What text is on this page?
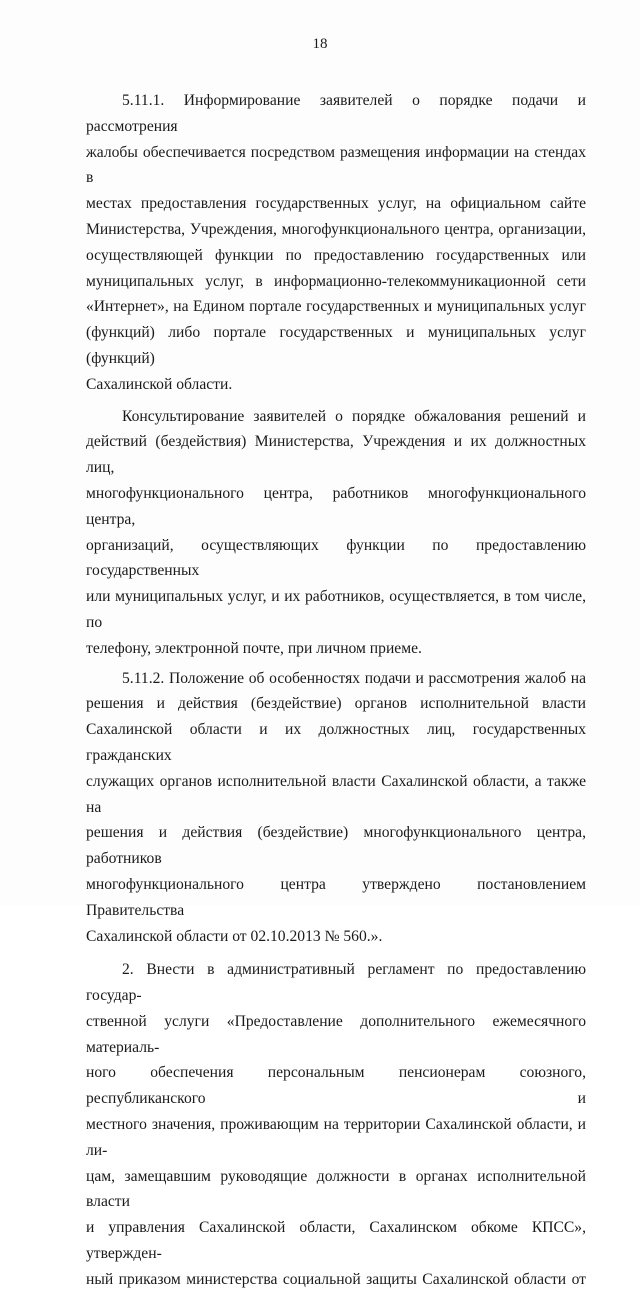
18

5.11.1. Информирование заявителей о порядке подачи и рассмотрения
жалобы обеспечивается посредством размещения информации на стендах в
местах предоставления государственных услуг, на официальном сайте
Министерства, Учреждения, многофункционального центра, организации,
осуществляющей функции по предоставлению государственных или
муниципальных услуг, в информационно-телекоммуникационной сети
«Интернет», на Едином портале государственных и муниципальных услуг
(функций) либо портале государственных и муниципальных услуг (функций)
Сахалинской области.

Консультирование заявителей о порядке обжалования решений и
действий (бездействия) Министерства, Учреждения и их должностных лиц,
многофункционального центра, работников многофункционального центра,
организаций, осуществляющих функции по предоставлению государственных
или муниципальных услуг, и их работников, осуществляется, в том числе, по
телефону, электронной почте, при личном приеме.

5.11.2. Положение об особенностях подачи и рассмотрения жалоб на
решения и действия (бездействие) органов исполнительной власти
Сахалинской области и их должностных лиц, государственных гражданских
служащих органов исполнительной власти Сахалинской области, а также на
решения и действия (бездействие) многофункционального центра, работников
многофункционального центра утверждено постановлением Правительства
Сахалинской области от 02.10.2013 № 560.».

2. Внести в административный регламент по предоставлению государ-
ственной услуги «Предоставление дополнительного ежемесячного материаль-
ного обеспечения персональным пенсионерам союзного, республиканского и
местного значения, проживающим на территории Сахалинской области, и ли-
цам, замещавшим руководящие должности в органах исполнительной власти
и управления Сахалинской области, Сахалинском обкоме КПСС», утвержден-
ный приказом министерства социальной защиты Сахалинской области от
